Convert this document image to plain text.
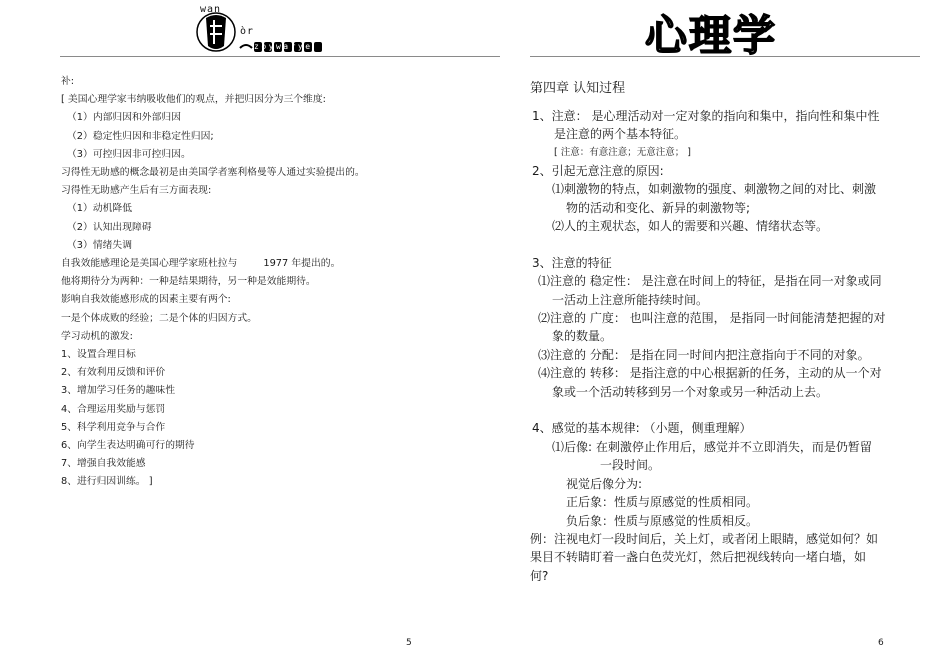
wan
òr
zoywarye	心理学
补:
[ 美国心理学家韦纳吸收他们的观点，并把归因分为三个维度:
（1）内部归因和外部归因
（2）稳定性归因和非稳定性归因;
（3）可控归因非可控归因。
习得性无助感的概念最初是由美国学者塞利格曼等人通过实验提出的。
习得性无助感产生后有三方面表现:
（1）动机降低
（2）认知出现障碍
（3）情绪失调
自我效能感理论是美国心理学家班杜拉与	1977 年提出的。
他将期待分为两种：一种是结果期待，另一种是效能期待。
影响自我效能感形成的因素主要有两个:
一是个体成败的经验；二是个体的归因方式。
学习动机的激发:
1、设置合理目标
2、有效利用反馈和评价
3、增加学习任务的趣味性
4、合理运用奖励与惩罚
5、科学利用竞争与合作
6、向学生表达明确可行的期待
7、增强自我效能感
8、进行归因训练。 ]
5
第四章 认知过程
1、注意： 是心理活动对一定对象的指向和集中，指向性和集中性
是注意的两个基本特征。
[ 注意：有意注意；无意注意； ]
2、引起无意注意的原因:
⑴刺激物的特点，如刺激物的强度、刺激物之间的对比、刺激
物的活动和变化、新异的刺激物等;
⑵人的主观状态，如人的需要和兴趣、情绪状态等。
3、注意的特征
⑴注意的 稳定性： 是注意在时间上的特征，是指在同一对象或同
一活动上注意所能持续时间。
⑵注意的 广度： 也叫注意的范围， 是指同一时间能清楚把握的对
象的数量。
⑶注意的 分配： 是指在同一时间内把注意指向于不同的对象。
⑷注意的 转移： 是指注意的中心根据新的任务，主动的从一个对
象或一个活动转移到另一个对象或另一种活动上去。
4、感觉的基本规律: （小题，侧重理解）
⑴后像: 在刺激停止作用后，感觉并不立即消失，而是仍暂留
一段时间。
视觉后像分为:
正后象：性质与原感觉的性质相同。
负后象：性质与原感觉的性质相反。
例：注视电灯一段时间后，关上灯，或者闭上眼睛，感觉如何？如
果目不转睛盯着一盏白色荧光灯，然后把视线转向一堵白墙，如
何?
6
